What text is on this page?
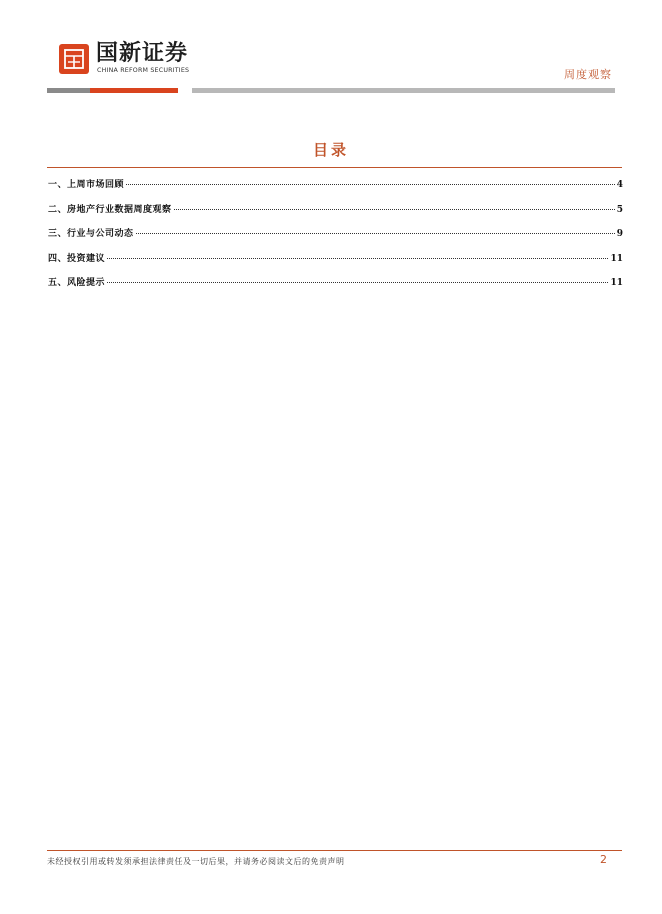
国新证券
CHINA REFORM SECURITIES	周度观察
目录
一、上周市场回顾	4
二、房地产行业数据周度观察	5
三、行业与公司动态	9
四、投资建议	11
五、风险提示	11
未经授权引用或转发须承担法律责任及一切后果，并请务必阅读文后的免责声明	2
